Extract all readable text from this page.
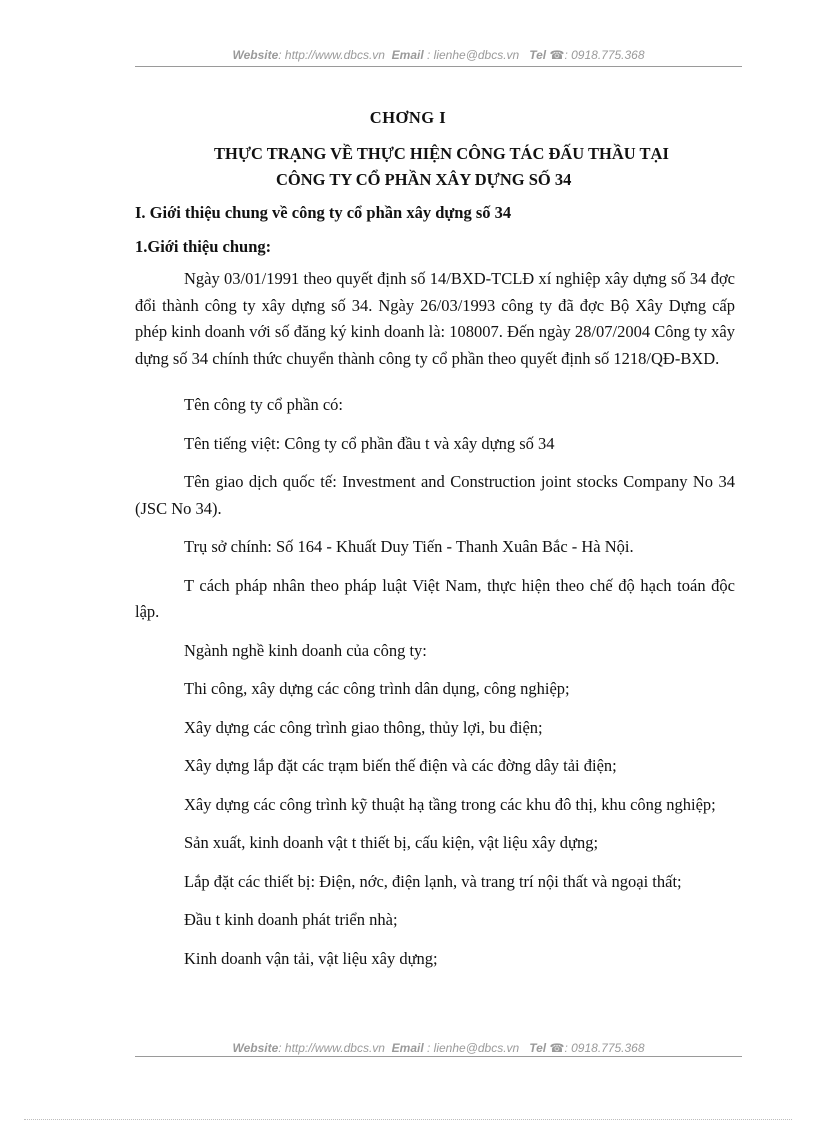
Website: http://www.dbcs.vn Email : lienhe@dbcs.vn Tel ☎: 0918.775.368
CHƠNG I
THỰC TRẠNG VỀ THỰC HIỆN CÔNG TÁC ĐẤU THẦU TẠI
CÔNG TY CỔ PHẦN XÂY DỰNG SỐ 34
I. Giới thiệu chung về công ty cổ phần xây dựng số 34
1.Giới thiệu chung:

Ngày 03/01/1991 theo quyết định số 14/BXD-TCLĐ xí nghiệp xây dựng số 34 đợc đổi thành công ty xây dựng số 34. Ngày 26/03/1993 công ty đã đợc Bộ Xây Dựng cấp phép kinh doanh với số đăng ký kinh doanh là: 108007. Đến ngày 28/07/2004 Công ty xây dựng số 34 chính thức chuyển thành công ty cổ phần theo quyết định số 1218/QĐ-BXD.

Tên công ty cổ phần có:

Tên tiếng việt: Công ty cổ phần đầu t và xây dựng số 34

Tên giao dịch quốc tế: Investment and Construction joint stocks Company No 34 (JSC No 34).

Trụ sở chính: Số 164 - Khuất Duy Tiến - Thanh Xuân Bắc - Hà Nội.

T cách pháp nhân theo pháp luật Việt Nam, thực hiện theo chế độ hạch toán độc lập.

Ngành nghề kinh doanh của công ty:

Thi công, xây dựng các công trình dân dụng, công nghiệp;

Xây dựng các công trình giao thông, thủy lợi, bu điện;

Xây dựng lắp đặt các trạm biến thế điện và các đờng dây tải điện;

Xây dựng các công trình kỹ thuật hạ tầng trong các khu đô thị, khu công nghiệp;

Sản xuất, kinh doanh vật t thiết bị, cấu kiện, vật liệu xây dựng;

Lắp đặt các thiết bị: Điện, nớc, điện lạnh, và trang trí nội thất và ngoại thất;

Đầu t kinh doanh phát triển nhà;

Kinh doanh vận tải, vật liệu xây dựng;

Website: http://www.dbcs.vn Email : lienhe@dbcs.vn Tel ☎: 0918.775.368
